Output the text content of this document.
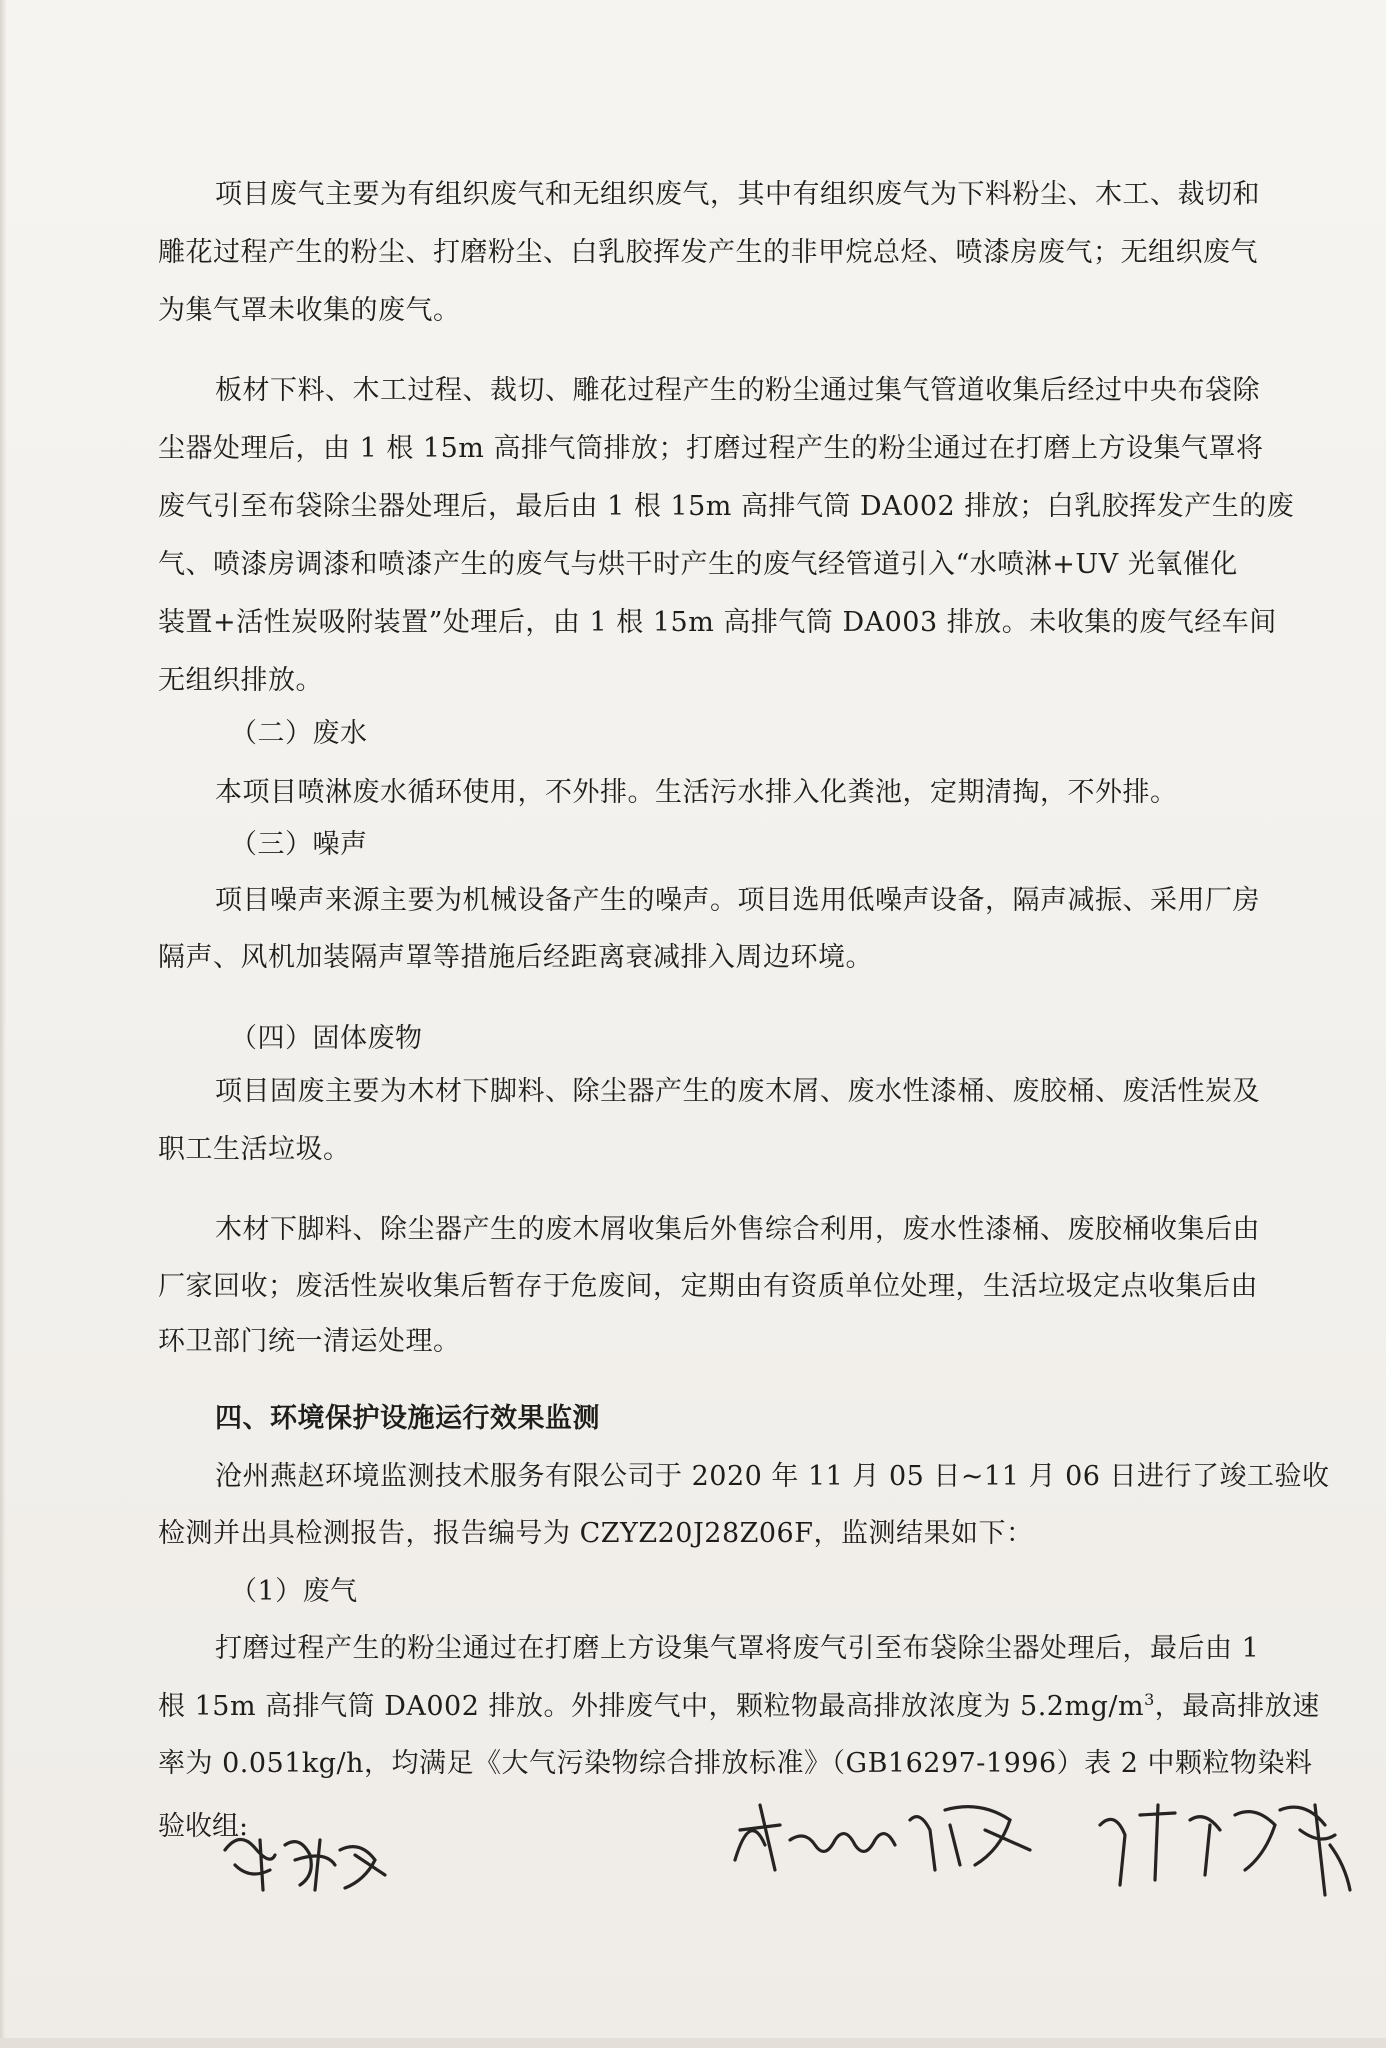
项目废气主要为有组织废气和无组织废气，其中有组织废气为下料粉尘、木工、裁切和
雕花过程产生的粉尘、打磨粉尘、白乳胶挥发产生的非甲烷总烃、喷漆房废气；无组织废气
为集气罩未收集的废气。
板材下料、木工过程、裁切、雕花过程产生的粉尘通过集气管道收集后经过中央布袋除
尘器处理后，由 1 根 15m 高排气筒排放；打磨过程产生的粉尘通过在打磨上方设集气罩将
废气引至布袋除尘器处理后，最后由 1 根 15m 高排气筒 DA002 排放；白乳胶挥发产生的废
气、喷漆房调漆和喷漆产生的废气与烘干时产生的废气经管道引入“水喷淋+UV 光氧催化
装置+活性炭吸附装置”处理后，由 1 根 15m 高排气筒 DA003 排放。未收集的废气经车间
无组织排放。
（二）废水
本项目喷淋废水循环使用，不外排。生活污水排入化粪池，定期清掏，不外排。
（三）噪声
项目噪声来源主要为机械设备产生的噪声。项目选用低噪声设备，隔声减振、采用厂房
隔声、风机加装隔声罩等措施后经距离衰减排入周边环境。
（四）固体废物
项目固废主要为木材下脚料、除尘器产生的废木屑、废水性漆桶、废胶桶、废活性炭及
职工生活垃圾。
木材下脚料、除尘器产生的废木屑收集后外售综合利用，废水性漆桶、废胶桶收集后由
厂家回收；废活性炭收集后暂存于危废间，定期由有资质单位处理，生活垃圾定点收集后由
环卫部门统一清运处理。
四、环境保护设施运行效果监测
沧州燕赵环境监测技术服务有限公司于 2020 年 11 月 05 日~11 月 06 日进行了竣工验收
检测并出具检测报告，报告编号为 CZYZ20J28Z06F，监测结果如下：
（1）废气
打磨过程产生的粉尘通过在打磨上方设集气罩将废气引至布袋除尘器处理后，最后由 1
根 15m 高排气筒 DA002 排放。外排废气中，颗粒物最高排放浓度为 $5.2mg/m^3$，最高排放速
率为 0.051kg/h，均满足《大气污染物综合排放标准》（GB16297-1996）表 2 中颗粒物染料
验收组:
